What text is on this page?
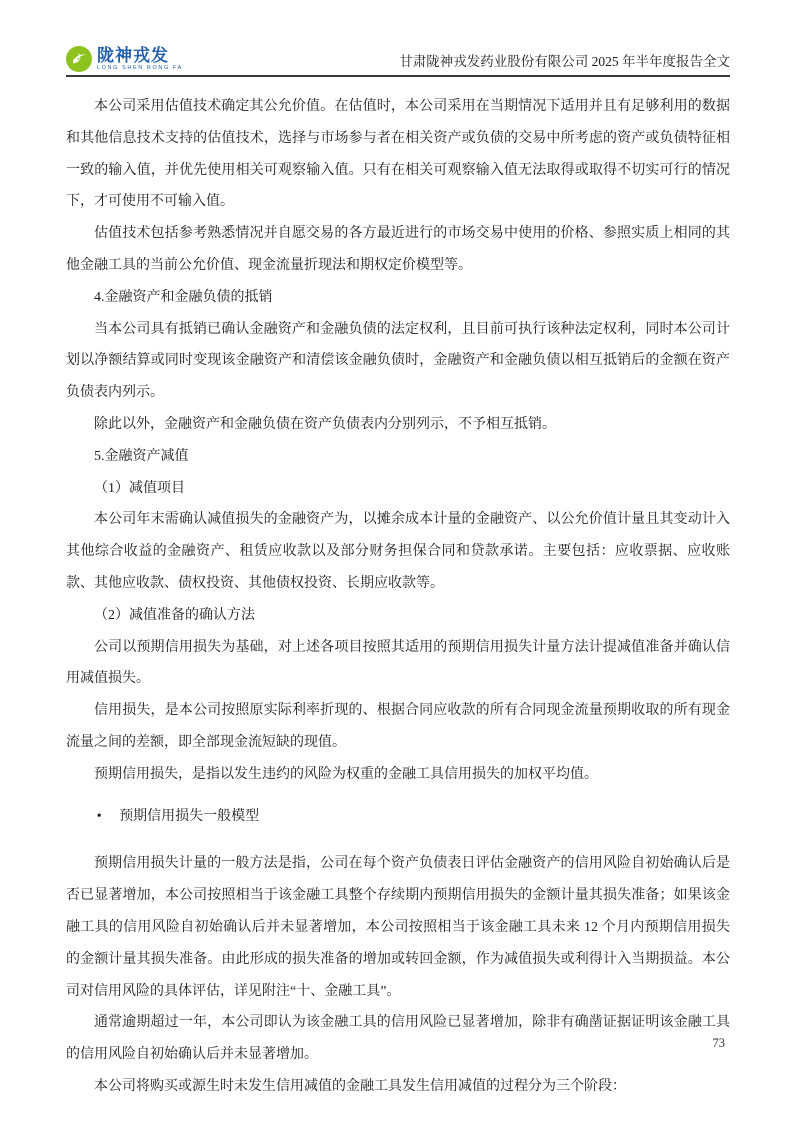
陇神戎发
LONG SHEN RONG FA	甘肃陇神戎发药业股份有限公司 2025 年半年度报告全文

本公司采用估值技术确定其公允价值。在估值时，本公司采用在当期情况下适用并且有足够利用的数据和其他信息技术支持的估值技术，选择与市场参与者在相关资产或负债的交易中所考虑的资产或负债特征相一致的输入值，并优先使用相关可观察输入值。只有在相关可观察输入值无法取得或取得不切实可行的情况下，才可使用不可输入值。

估值技术包括参考熟悉情况并自愿交易的各方最近进行的市场交易中使用的价格、参照实质上相同的其他金融工具的当前公允价值、现金流量折现法和期权定价模型等。

4.金融资产和金融负债的抵销

当本公司具有抵销已确认金融资产和金融负债的法定权利，且目前可执行该种法定权利，同时本公司计划以净额结算或同时变现该金融资产和清偿该金融负债时，金融资产和金融负债以相互抵销后的金额在资产负债表内列示。

除此以外，金融资产和金融负债在资产负债表内分别列示，不予相互抵销。

5.金融资产减值

（1）减值项目

本公司年末需确认减值损失的金融资产为，以摊余成本计量的金融资产、以公允价值计量且其变动计入其他综合收益的金融资产、租赁应收款以及部分财务担保合同和贷款承诺。主要包括：应收票据、应收账款、其他应收款、债权投资、其他债权投资、长期应收款等。

（2）减值准备的确认方法

公司以预期信用损失为基础，对上述各项目按照其适用的预期信用损失计量方法计提减值准备并确认信用减值损失。

信用损失，是本公司按照原实际利率折现的、根据合同应收款的所有合同现金流量预期收取的所有现金流量之间的差额，即全部现金流短缺的现值。

预期信用损失，是指以发生违约的风险为权重的金融工具信用损失的加权平均值。

• 预期信用损失一般模型

预期信用损失计量的一般方法是指，公司在每个资产负债表日评估金融资产的信用风险自初始确认后是否已显著增加，本公司按照相当于该金融工具整个存续期内预期信用损失的金额计量其损失准备；如果该金融工具的信用风险自初始确认后并未显著增加，本公司按照相当于该金融工具未来 12 个月内预期信用损失的金额计量其损失准备。由此形成的损失准备的增加或转回金额，作为减值损失或利得计入当期损益。本公司对信用风险的具体评估，详见附注“十、金融工具”。

通常逾期超过一年，本公司即认为该金融工具的信用风险已显著增加，除非有确凿证据证明该金融工具的信用风险自初始确认后并未显著增加。

本公司将购买或源生时未发生信用减值的金融工具发生信用减值的过程分为三个阶段：

73
